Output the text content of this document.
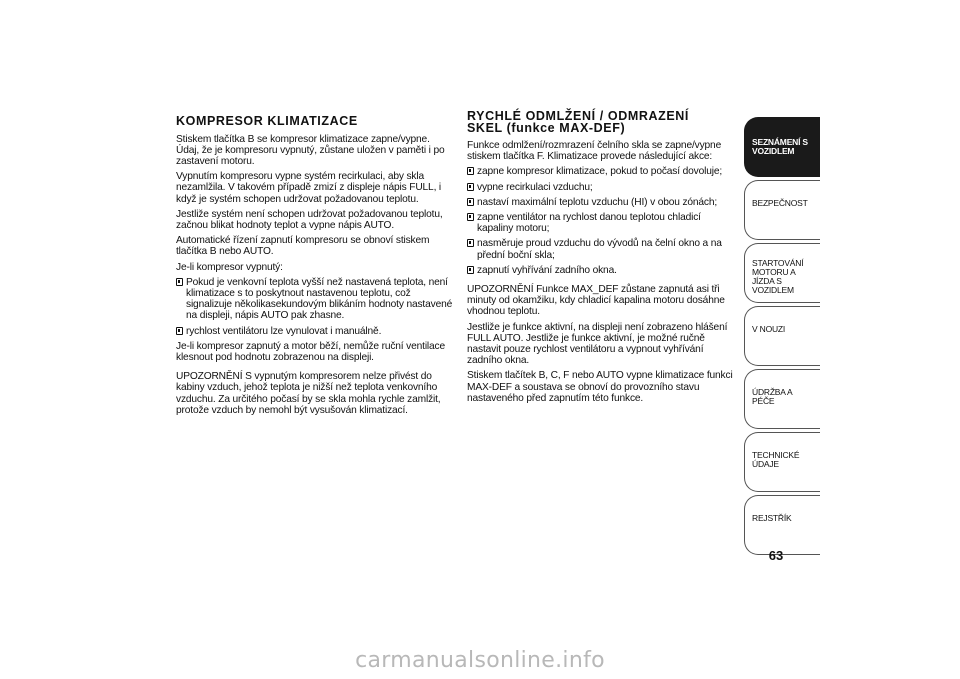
KOMPRESOR KLIMATIZACE

Stiskem tlačítka B se kompresor klimatizace zapne/vypne. Údaj, že je kompresoru vypnutý, zůstane uložen v paměti i po zastavení motoru.

Vypnutím kompresoru vypne systém recirkulaci, aby skla nezamlžila. V takovém případě zmizí z displeje nápis FULL, i když je systém schopen udržovat požadovanou teplotu.

Jestliže systém není schopen udržovat požadovanou teplotu, začnou blikat hodnoty teplot a vypne nápis AUTO.

Automatické řízení zapnutí kompresoru se obnoví stiskem tlačítka B nebo AUTO.

Je-li kompresor vypnutý:

Pokud je venkovní teplota vyšší než nastavená teplota, není klimatizace s to poskytnout nastavenou teplotu, což signalizuje několikasekundovým blikáním hodnoty nastavené na displeji, nápis AUTO pak zhasne.
rychlost ventilátoru lze vynulovat i manuálně.

Je-li kompresor zapnutý a motor běží, nemůže ruční ventilace klesnout pod hodnotu zobrazenou na displeji.

UPOZORNĚNÍ S vypnutým kompresorem nelze přivést do kabiny vzduch, jehož teplota je nižší než teplota venkovního vzduchu. Za určitého počasí by se skla mohla rychle zamlžit, protože vzduch by nemohl být vysušován klimatizací.

RYCHLÉ ODMLŽENÍ / ODMRAZENÍ
SKEL (funkce MAX-DEF)

Funkce odmlžení/rozmrazení čelního skla se zapne/vypne stiskem tlačítka F. Klimatizace provede následující akce:

zapne kompresor klimatizace, pokud to počasí dovoluje;
vypne recirkulaci vzduchu;
nastaví maximální teplotu vzduchu (HI) v obou zónách;
zapne ventilátor na rychlost danou teplotou chladicí kapaliny motoru;
nasměruje proud vzduchu do vývodů na čelní okno a na přední boční skla;
zapnutí vyhřívání zadního okna.

UPOZORNĚNÍ Funkce MAX_DEF zůstane zapnutá asi tři minuty od okamžiku, kdy chladicí kapalina motoru dosáhne vhodnou teplotu.

Jestliže je funkce aktivní, na displeji není zobrazeno hlášení FULL AUTO. Jestliže je funkce aktivní, je možné ručně nastavit pouze rychlost ventilátoru a vypnout vyhřívání zadního okna.

Stiskem tlačítek B, C, F nebo AUTO vypne klimatizace funkci MAX-DEF a soustava se obnoví do provozního stavu nastaveného před zapnutím této funkce.

SEZNÁMENÍ S VOZIDLEM
BEZPEČNOST
STARTOVÁNÍ MOTORU A JÍZDA S VOZIDLEM
V NOUZI
ÚDRŽBA A PÉČE
TECHNICKÉ ÚDAJE
REJSTŘÍK
63
carmanualsonline.info
